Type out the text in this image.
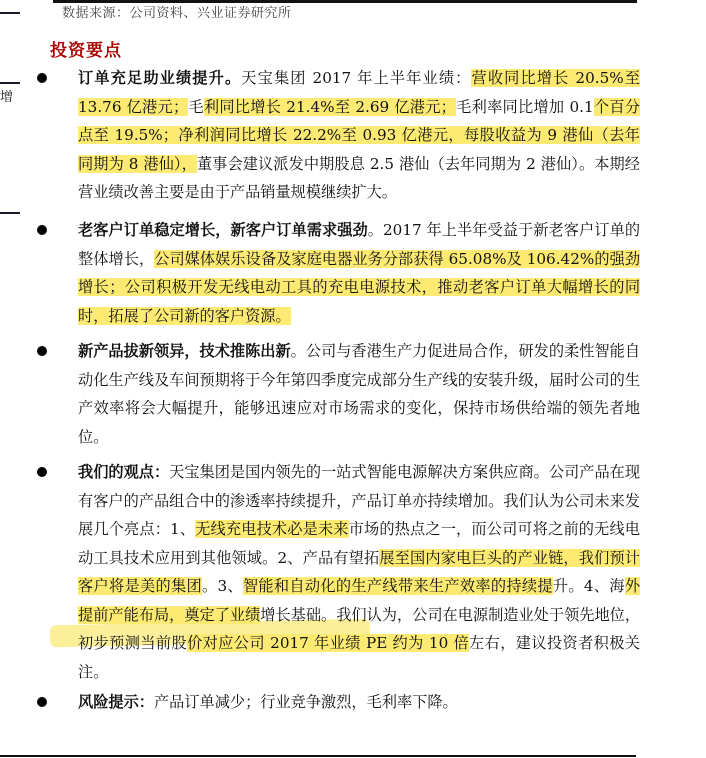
增
数据来源：公司资料、兴业证券研究所
投资要点
订单充足助业绩提升。天宝集团 2017 年上半年业绩：营收同比增长 20.5%至 13.76 亿港元；毛利同比增长 21.4%至 2.69 亿港元；毛利率同比增加 0.1个百分点至 19.5%；净利润同比增长 22.2%至 0.93 亿港元，每股收益为 9 港仙（去年同期为 8 港仙），董事会建议派发中期股息 2.5 港仙（去年同期为 2 港仙）。本期经营业绩改善主要是由于产品销量规模继续扩大。
老客户订单稳定增长，新客户订单需求强劲。2017 年上半年受益于新老客户订单的整体增长，公司媒体娱乐设备及家庭电器业务分部获得 65.08%及 106.42%的强劲增长；公司积极开发无线电动工具的充电电源技术，推动老客户订单大幅增长的同时，拓展了公司新的客户资源。
新产品拔新领异，技术推陈出新。公司与香港生产力促进局合作，研发的柔性智能自动化生产线及车间预期将于今年第四季度完成部分生产线的安装升级，届时公司的生产效率将会大幅提升，能够迅速应对市场需求的变化，保持市场供给端的领先者地位。
我们的观点：天宝集团是国内领先的一站式智能电源解决方案供应商。公司产品在现有客户的产品组合中的渗透率持续提升，产品订单亦持续增加。我们认为公司未来发展几个亮点：1、无线充电技术必是未来市场的热点之一，而公司可将之前的无线电动工具技术应用到其他领域。2、产品有望拓展至国内家电巨头的产业链，我们预计客户将是美的集团。3、智能和自动化的生产线带来生产效率的持续提升。4、海外提前产能布局，奠定了业绩增长基础。我们认为，公司在电源制造业处于领先地位，初步预测当前股价对应公司 2017 年业绩 PE 约为 10 倍左右，建议投资者积极关注。
风险提示：产品订单减少；行业竞争激烈，毛利率下降。
